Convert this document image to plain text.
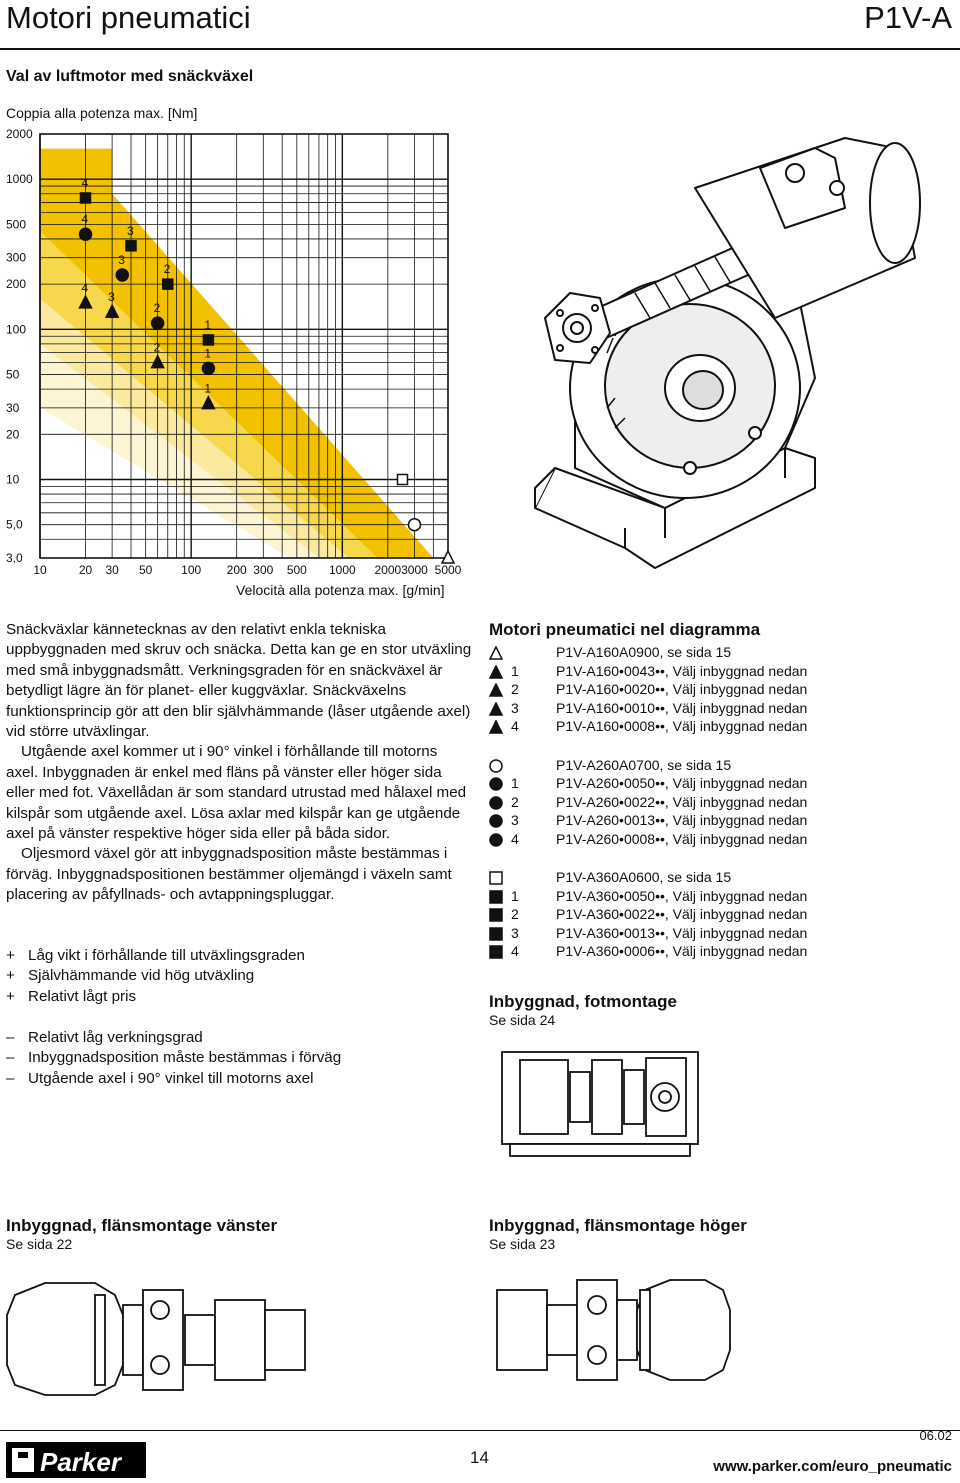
Motori pneumatici	P1V-A
Val av luftmotor med snäckväxel
Coppia alla potenza max. [Nm]
10	20 30 50 100 200 300 500 1000 2000 3000 5000
2000
1000
500
300
200
100
50
30
20
10
5,0
3,0
1
2
3
4
1
2
3
4
1
2
3
4
Velocità alla potenza max. [g/min]

Snäckväxlar kännetecknas av den relativt enkla tekniska uppbyggnaden med skruv och snäcka. Detta kan ge en stor utväxling med små inbyggnadsmått. Verkningsgraden för en snäckväxel är betydligt lägre än för planet- eller kuggväxlar. Snäckväxelns funktionsprincip gör att den blir självhämmande (låser utgående axel) vid större utväxlingar.

Utgående axel kommer ut i 90° vinkel i förhållande till motorns axel. Inbyggnaden är enkel med fläns på vänster eller höger sida eller med fot. Växellådan är som standard utrustad med hålaxel med kilspår som utgående axel. Lösa axlar med kilspår kan ge utgående axel på vänster respektive höger sida eller på båda sidor.

Oljesmord växel gör att inbyggnadsposition måste bestämmas i förväg. Inbyggnadspositionen bestämmer oljemängd i växeln samt placering av påfyllnads- och avtappningspluggar.

+ Låg vikt i förhållande till utväxlingsgraden
+ Självhämmande vid hög utväxling
+ Relativt lågt pris
– Relativt låg verkningsgrad
– Inbyggnadsposition måste bestämmas i förväg
– Utgående axel i 90° vinkel till motorns axel
Motori pneumatici nel diagramma
P1V-A160A0900, se sida 15
1	P1V-A160•0043••, Välj inbyggnad nedan
2	P1V-A160•0020••, Välj inbyggnad nedan
3	P1V-A160•0010••, Välj inbyggnad nedan
4	P1V-A160•0008••, Välj inbyggnad nedan
P1V-A260A0700, se sida 15
1	P1V-A260•0050••, Välj inbyggnad nedan
2	P1V-A260•0022••, Välj inbyggnad nedan
3	P1V-A260•0013••, Välj inbyggnad nedan
4	P1V-A260•0008••, Välj inbyggnad nedan
P1V-A360A0600, se sida 15
1	P1V-A360•0050••, Välj inbyggnad nedan
2	P1V-A360•0022••, Välj inbyggnad nedan
3	P1V-A360•0013••, Välj inbyggnad nedan
4	P1V-A360•0006••, Välj inbyggnad nedan
Inbyggnad, fotmontage
Se sida 24
Inbyggnad, flänsmontage vänster
Se sida 22
Inbyggnad, flänsmontage höger
Se sida 23
Parker	14
06.02
www.parker.com/euro_pneumatic
